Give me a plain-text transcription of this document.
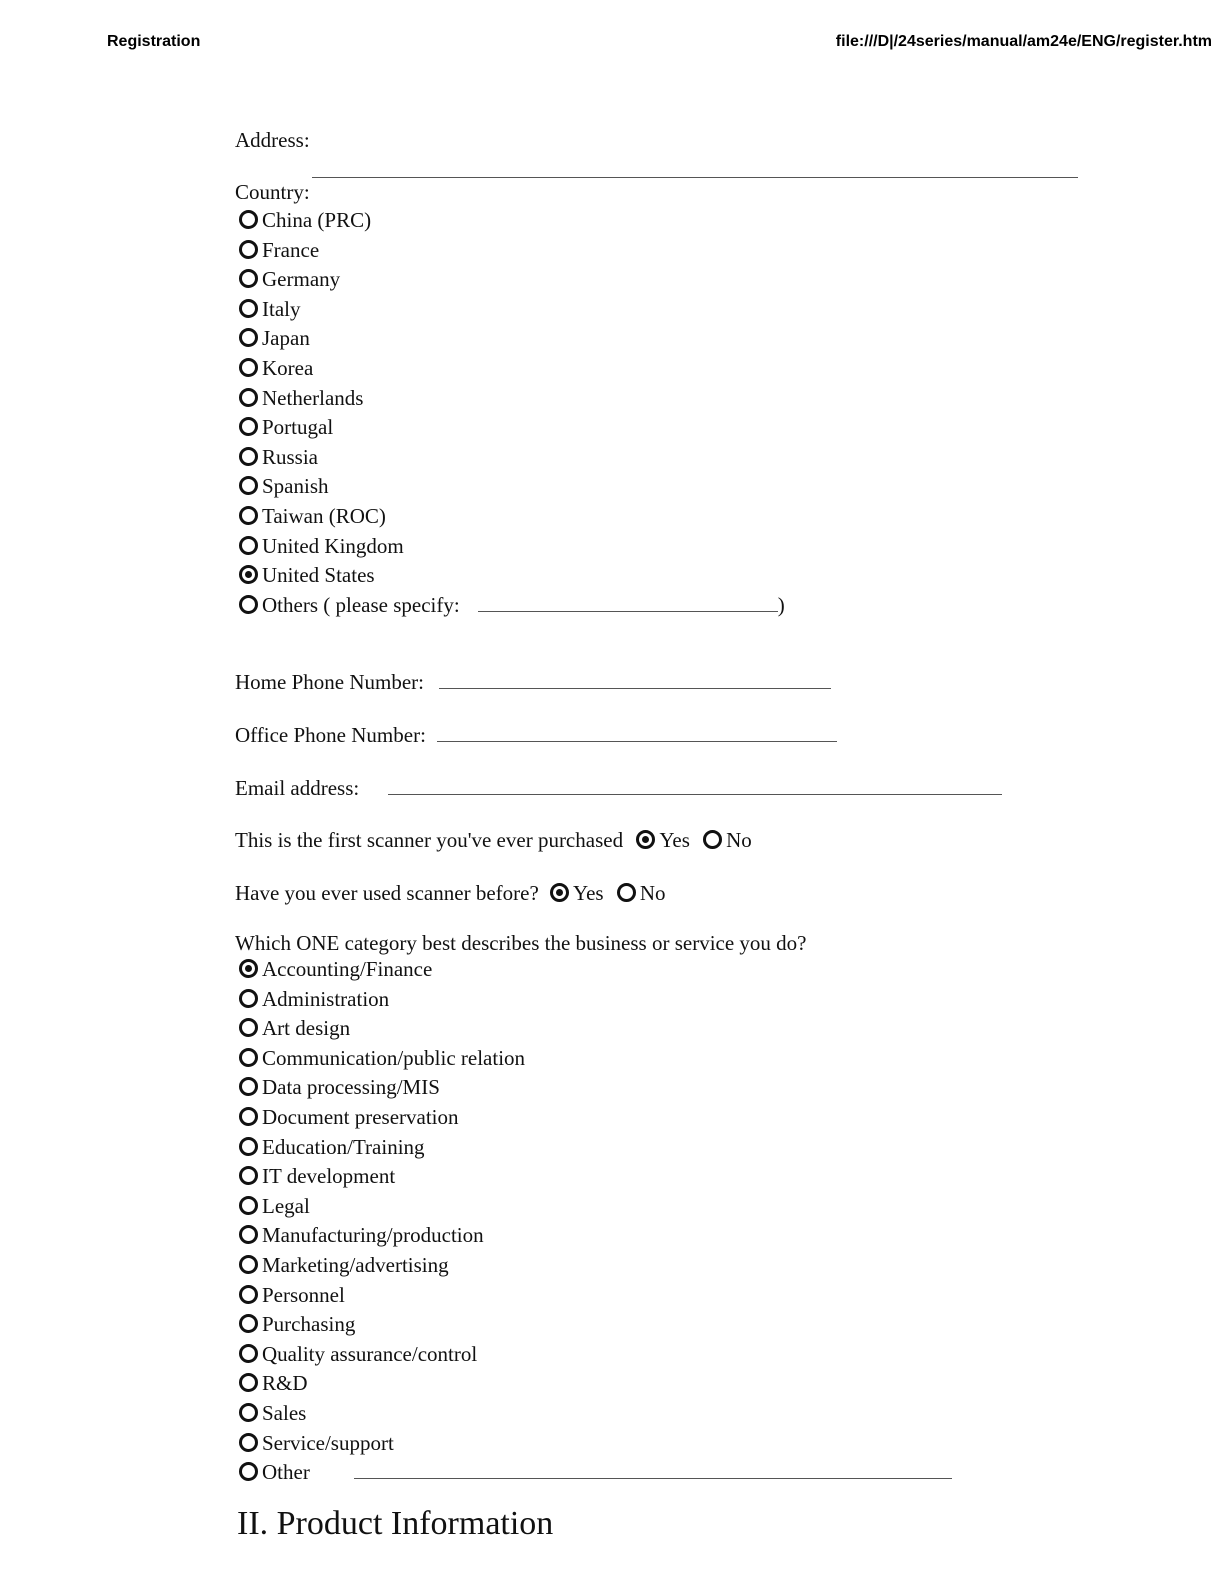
Registration	file:///D|/24series/manual/am24e/ENG/register.htm
Address:
Country:
China (PRC)
France
Germany
Italy
Japan
Korea
Netherlands
Portugal
Russia
Spanish
Taiwan (ROC)
United Kingdom
United States
Others ( please specify:	)
Home Phone Number:
Office Phone Number:
Email address:
This is the first scanner you've ever purchased Yes No
Have you ever used scanner before? Yes No
Which ONE category best describes the business or service you do?
Accounting/Finance
Administration
Art design
Communication/public relation
Data processing/MIS
Document preservation
Education/Training
IT development
Legal
Manufacturing/production
Marketing/advertising
Personnel
Purchasing
Quality assurance/control
R&D
Sales
Service/support
Other
II. Product Information
